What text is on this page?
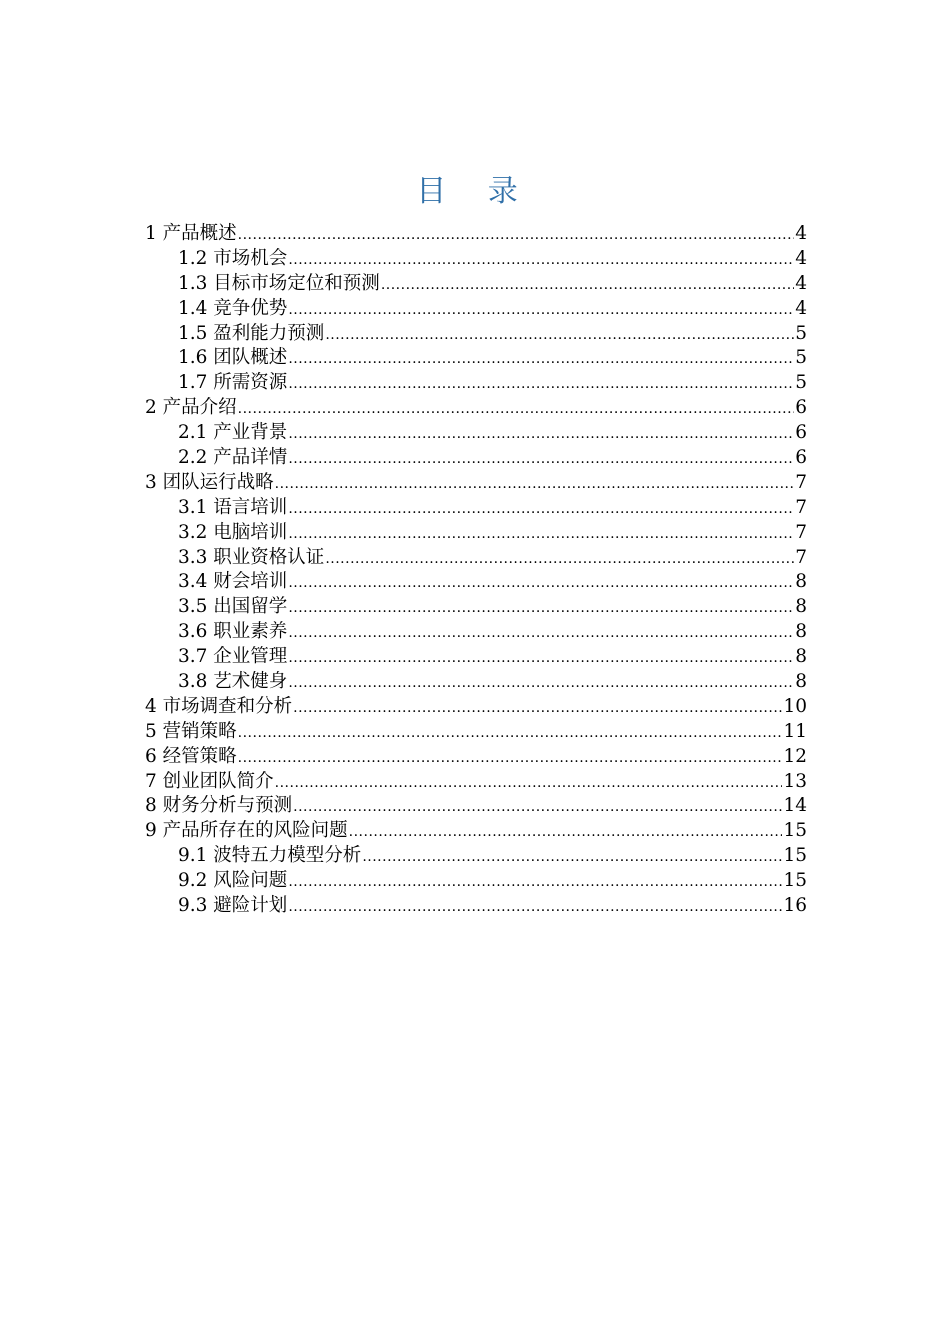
目 录
1 产品概述 .....	4
1.2 市场机会 .....	4
1.3 目标市场定位和预测 .....	4
1.4 竞争优势 .....	4
1.5 盈利能力预测 .....	5
1.6 团队概述 .....	5
1.7 所需资源 .....	5
2 产品介绍 .....	6
2.1 产业背景 .....	6
2.2 产品详情 .....	6
3 团队运行战略 .....	7
3.1 语言培训 .....	7
3.2 电脑培训 .....	7
3.3 职业资格认证 .....	7
3.4 财会培训 .....	8
3.5 出国留学 .....	8
3.6 职业素养 .....	8
3.7 企业管理 .....	8
3.8 艺术健身 .....	8
4 市场调查和分析 .....	10
5 营销策略 .....	11
6 经管策略 .....	12
7 创业团队简介 .....	13
8 财务分析与预测 .....	14
9 产品所存在的风险问题 .....	15
9.1 波特五力模型分析 .....	15
9.2 风险问题 .....	15
9.3 避险计划 .....	16
